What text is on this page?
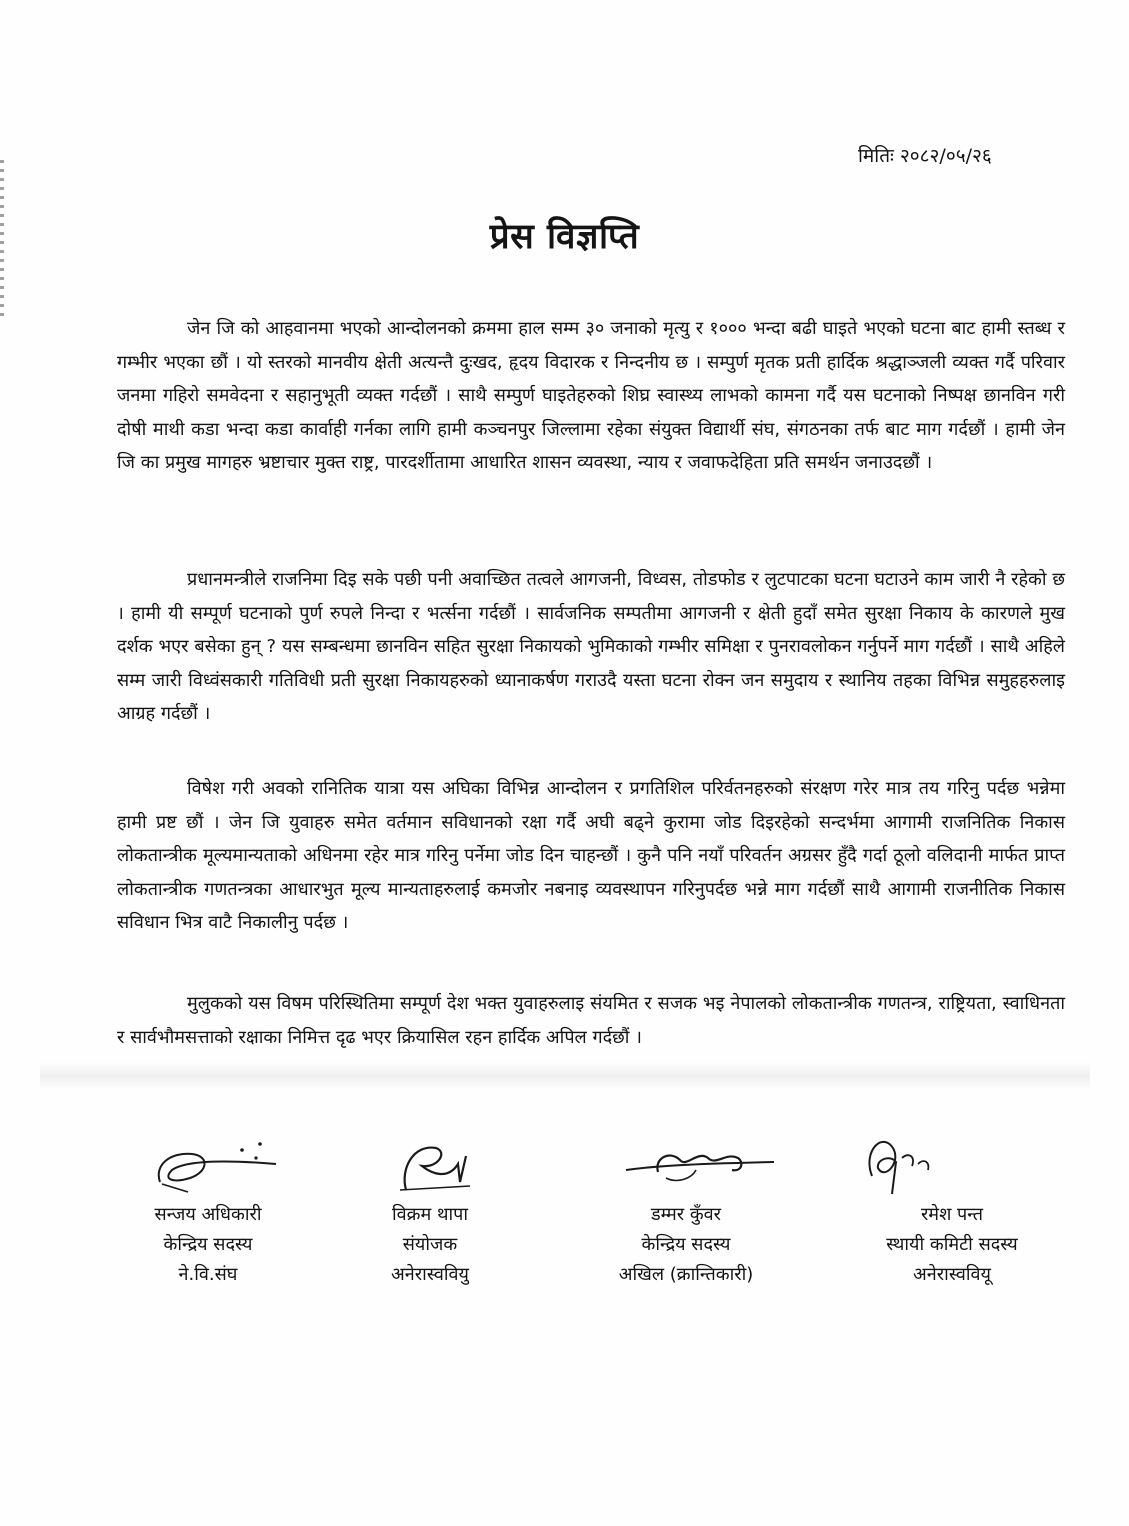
मितिः २०८२/०५/२६
प्रेस विज्ञप्ति

जेन जि को आहवानमा भएको आन्दोलनको क्रममा हाल सम्म ३० जनाको मृत्यु र १००० भन्दा बढी घाइते भएको घटना बाट हामी स्तब्ध र गम्भीर भएका छौं । यो स्तरको मानवीय क्षेती अत्यन्तै दुःखद, हृदय विदारक र निन्दनीय छ । सम्पुर्ण मृतक प्रती हार्दिक श्रद्धाञ्जली व्यक्त गर्दै परिवार जनमा गहिरो समवेदना र सहानुभूती व्यक्त गर्दछौं । साथै सम्पुर्ण घाइतेहरुको शिघ्र स्वास्थ्य लाभको कामना गर्दै यस घटनाको निष्पक्ष छानविन गरी दोषी माथी कडा भन्दा कडा कार्वाही गर्नका लागि हामी कञ्चनपुर जिल्लामा रहेका संयुक्त विद्यार्थी संघ, संगठनका तर्फ बाट माग गर्दछौं । हामी जेन जि का प्रमुख मागहरु भ्रष्टाचार मुक्त राष्ट्र, पारदर्शीतामा आधारित शासन व्यवस्था, न्याय र जवाफदेहिता प्रति समर्थन जनाउदछौं ।

प्रधानमन्त्रीले राजनिमा दिइ सके पछी पनी अवाच्छित तत्वले आगजनी, विध्वस, तोडफोड र लुटपाटका घटना घटाउने काम जारी नै रहेको छ । हामी यी सम्पूर्ण घटनाको पुर्ण रुपले निन्दा र भर्त्सना गर्दछौं । सार्वजनिक सम्पतीमा आगजनी र क्षेती हुदाँ समेत सुरक्षा निकाय के कारणले मुख दर्शक भएर बसेका हुन् ? यस सम्बन्धमा छानविन सहित सुरक्षा निकायको भुमिकाको गम्भीर समिक्षा र पुनरावलोकन गर्नुपर्ने माग गर्दछौं । साथै अहिले सम्म जारी विध्वंसकारी गतिविधी प्रती सुरक्षा निकायहरुको ध्यानाकर्षण गराउदै यस्ता घटना रोक्न जन समुदाय र स्थानिय तहका विभिन्न समुहहरुलाइ आग्रह गर्दछौं ।

विषेश गरी अवको रानितिक यात्रा यस अघिका विभिन्न आन्दोलन र प्रगतिशिल परिर्वतनहरुको संरक्षण गरेर मात्र तय गरिनु पर्दछ भन्नेमा हामी प्रष्ट छौं । जेन जि युवाहरु समेत वर्तमान सविधानको रक्षा गर्दै अघी बढ्ने कुरामा जोड दिइरहेको सन्दर्भमा आगामी राजनितिक निकास लोकतान्त्रीक मूल्यमान्यताको अधिनमा रहेर मात्र गरिनु पर्नेमा जोड दिन चाहन्छौं । कुनै पनि नयाँ परिवर्तन अग्रसर हुँदै गर्दा ठूलो वलिदानी मार्फत प्राप्त लोकतान्त्रीक गणतन्त्रका आधारभुत मूल्य मान्यताहरुलाई कमजोर नबनाइ व्यवस्थापन गरिनुपर्दछ भन्ने माग गर्दछौं साथै आगामी राजनीतिक निकास सविधान भित्र वाटै निकालीनु पर्दछ ।

मुलुकको यस विषम परिस्थितिमा सम्पूर्ण देश भक्त युवाहरुलाइ संयमित र सजक भइ नेपालको लोकतान्त्रीक गणतन्त्र, राष्ट्रियता, स्वाधिनता र सार्वभौमसत्ताको रक्षाका निमित्त दृढ भएर क्रियासिल रहन हार्दिक अपिल गर्दछौं ।

सन्जय अधिकारी
केन्द्रिय सदस्य
ने.वि.संघ
विक्रम थापा
संयोजक
अनेरास्ववियु
डम्मर कुँवर
केन्द्रिय सदस्य
अखिल (क्रान्तिकारी)
रमेश पन्त
स्थायी कमिटी सदस्य
अनेरास्ववियू
